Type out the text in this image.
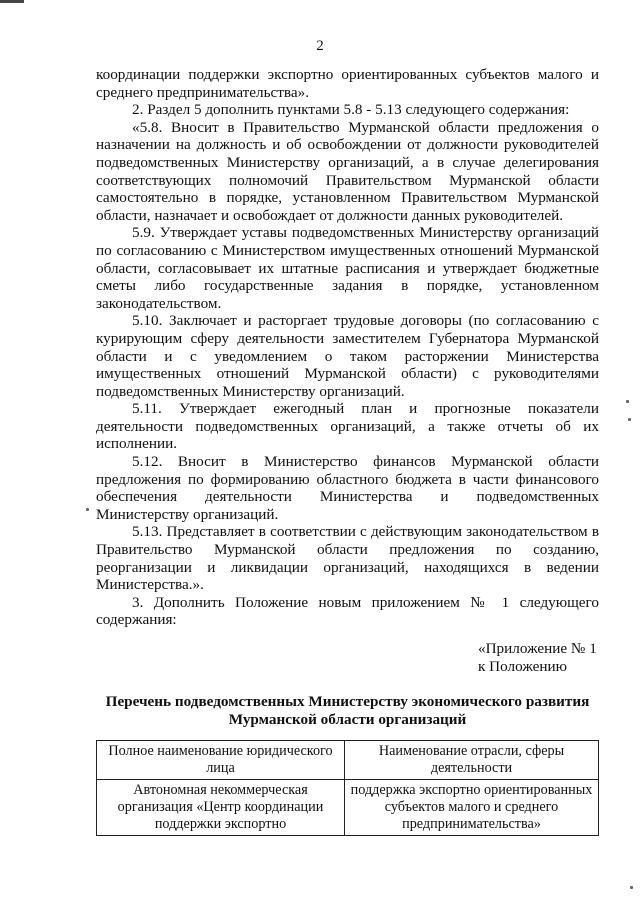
2

координации поддержки экспортно ориентированных субъектов малого и среднего предпринимательства».

2. Раздел 5 дополнить пунктами 5.8 - 5.13 следующего содержания:

«5.8. Вносит в Правительство Мурманской области предложения о назначении на должность и об освобождении от должности руководителей подведомственных Министерству организаций, а в случае делегирования соответствующих полномочий Правительством Мурманской области самостоятельно в порядке, установленном Правительством Мурманской области, назначает и освобождает от должности данных руководителей.

5.9. Утверждает уставы подведомственных Министерству организаций по согласованию с Министерством имущественных отношений Мурманской области, согласовывает их штатные расписания и утверждает бюджетные сметы либо государственные задания в порядке, установленном законодательством.

5.10. Заключает и расторгает трудовые договоры (по согласованию с курирующим сферу деятельности заместителем Губернатора Мурманской области и с уведомлением о таком расторжении Министерства имущественных отношений Мурманской области) с руководителями подведомственных Министерству организаций.

5.11. Утверждает ежегодный план и прогнозные показатели деятельности подведомственных организаций, а также отчеты об их исполнении.

5.12. Вносит в Министерство финансов Мурманской области предложения по формированию областного бюджета в части финансового обеспечения деятельности Министерства и подведомственных Министерству организаций.

5.13. Представляет в соответствии с действующим законодательством в Правительство Мурманской области предложения по созданию, реорганизации и ликвидации организаций, находящихся в ведении Министерства.».

3. Дополнить Положение новым приложением № 1 следующего содержания:

«Приложение № 1
к Положению
Перечень подведомственных Министерству экономического развития Мурманской области организаций
Полное наименование юридического лица	Наименование отрасли, сферы деятельности
Автономная некоммерческая организация «Центр координации поддержки экспортно	поддержка экспортно ориентированных субъектов малого и среднего предпринимательства»
